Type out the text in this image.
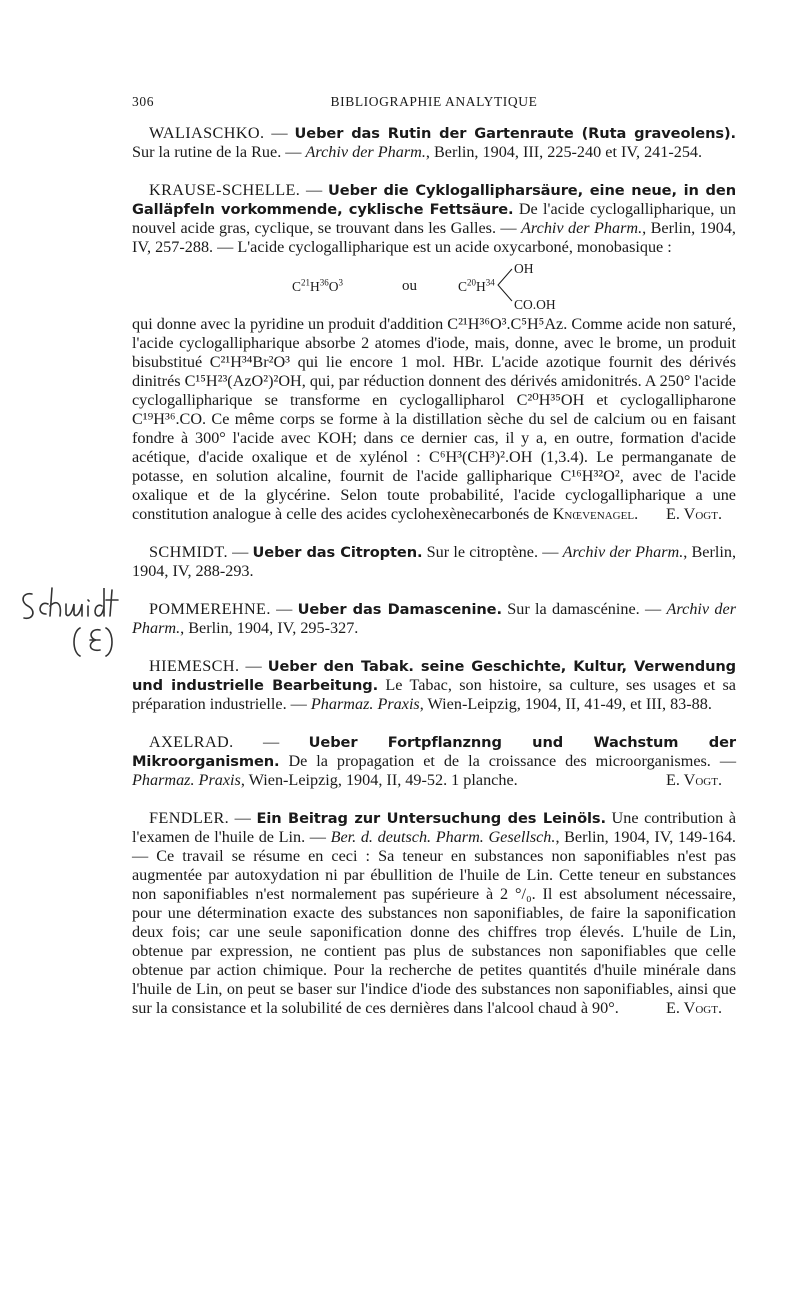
306	BIBLIOGRAPHIE ANALYTIQUE

WALIASCHKO. — Ueber das Rutin der Gartenraute (Ruta graveolens). Sur la rutine de la Rue. — Archiv der Pharm., Berlin, 1904, III, 225-240 et IV, 241-254.

KRAUSE-SCHELLE. — Ueber die Cyklogallipharsäure, eine neue, in den Galläpfeln vorkommende, cyklische Fettsäure. De l'acide cyclogallipharique, un nouvel acide gras, cyclique, se trouvant dans les Galles. — Archiv der Pharm., Berlin, 1904, IV, 257-288. — L'acide cyclogallipharique est un acide oxycarboné, monobasique :

$C^{21}H^{36}O^3$	ou	$C^{20}H^{34}$
OH
CO.OH

qui donne avec la pyridine un produit d'addition C²¹H³⁶O³.C⁵H⁵Az. Comme acide non saturé, l'acide cyclogallipharique absorbe 2 atomes d'iode, mais, donne, avec le brome, un produit bisubstitué C²¹H³⁴Br²O³ qui lie encore 1 mol. HBr. L'acide azotique fournit des dérivés dinitrés C¹⁵H²³(AzO²)²OH, qui, par réduction donnent des dérivés amidonitrés. A 250° l'acide cyclogallipharique se transforme en cyclogallipharol C²⁰H³⁵OH et cyclogallipharone C¹⁹H³⁶.CO. Ce même corps se forme à la distillation sèche du sel de calcium ou en faisant fondre à 300° l'acide avec KOH; dans ce dernier cas, il y a, en outre, formation d'acide acétique, d'acide oxalique et de xylénol : C⁶H³(CH³)².OH (1,3.4). Le permanganate de potasse, en solution alcaline, fournit de l'acide gallipharique C¹⁶H³²O², avec de l'acide oxalique et de la glycérine. Selon toute probabilité, l'acide cyclogallipharique a une constitution analogue à celle des acides cyclohexènecarbonés de Knœvenagel. E. Vogt.

SCHMIDT. — Ueber das Citropten. Sur le citroptène. — Archiv der Pharm., Berlin, 1904, IV, 288-293.

POMMEREHNE. — Ueber das Damascenine. Sur la damascénine. — Archiv der Pharm., Berlin, 1904, IV, 295-327.

HIEMESCH. — Ueber den Tabak. seine Geschichte, Kultur, Verwendung und industrielle Bearbeitung. Le Tabac, son histoire, sa culture, ses usages et sa préparation industrielle. — Pharmaz. Praxis, Wien-Leipzig, 1904, II, 41-49, et III, 83-88.

AXELRAD. — Ueber Fortpflanznng und Wachstum der Mikroorganismen. De la propagation et de la croissance des microorganismes. — Pharmaz. Praxis, Wien-Leipzig, 1904, II, 49-52. 1 planche.	E. Vogt.

FENDLER. — Ein Beitrag zur Untersuchung des Leinöls. Une contribution à l'examen de l'huile de Lin. — Ber. d. deutsch. Pharm. Gesellsch., Berlin, 1904, IV, 149-164. — Ce travail se résume en ceci : Sa teneur en substances non saponifiables n'est pas augmentée par autoxydation ni par ébullition de l'huile de Lin. Cette teneur en substances non saponifiables n'est normalement pas supérieure à 2 °/₀. Il est absolument nécessaire, pour une détermination exacte des substances non saponifiables, de faire la saponification deux fois; car une seule saponification donne des chiffres trop élevés. L'huile de Lin, obtenue par expression, ne contient pas plus de substances non saponifiables que celle obtenue par action chimique. Pour la recherche de petites quantités d'huile minérale dans l'huile de Lin, on peut se baser sur l'indice d'iode des substances non saponifiables, ainsi que sur la consistance et la solubilité de ces dernières dans l'alcool chaud à 90°.	E. Vogt.
